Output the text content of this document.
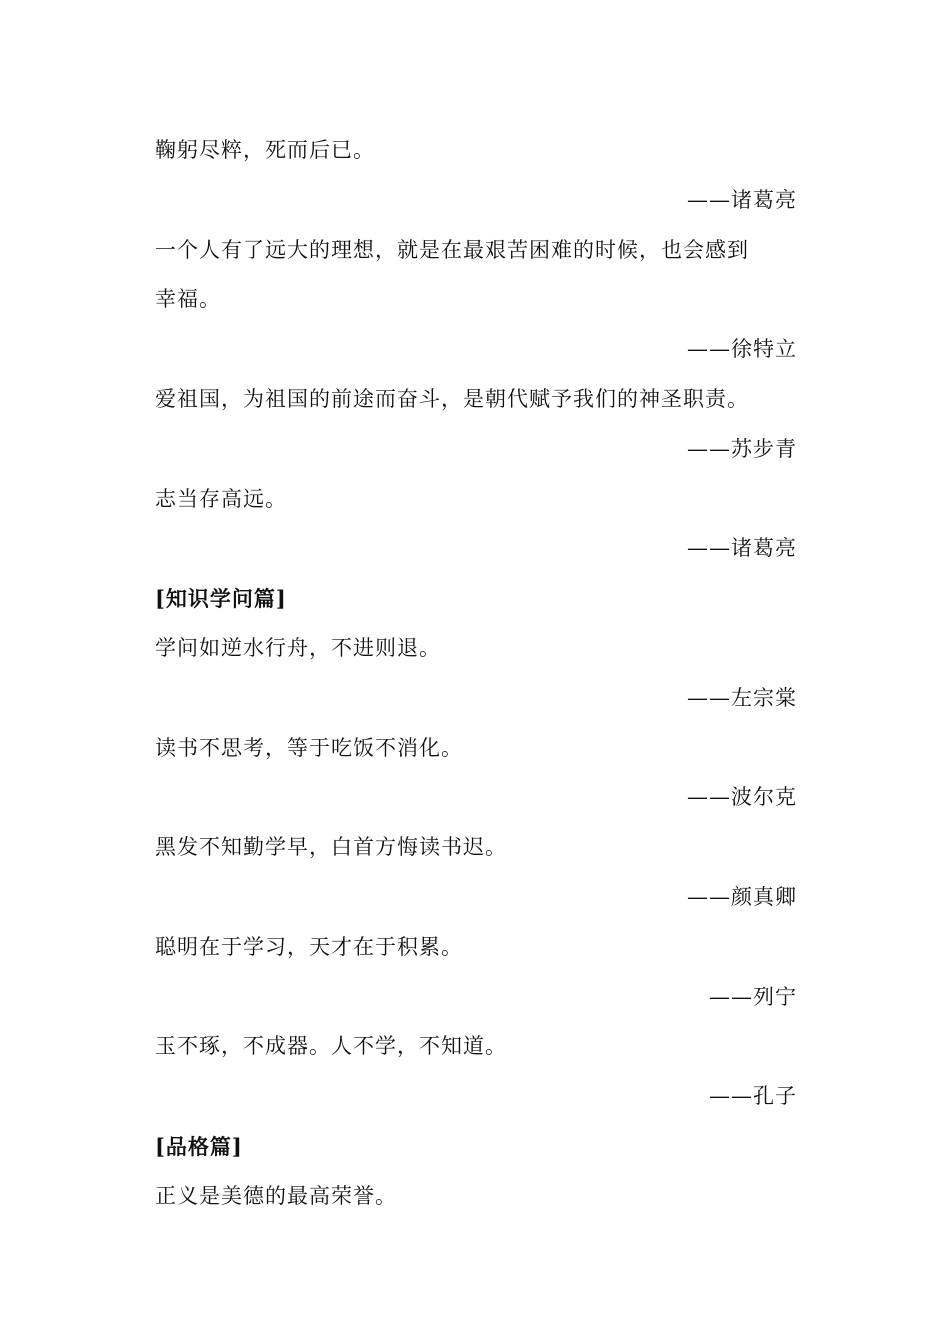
鞠躬尽粹，死而后已。
——诸葛亮
一个人有了远大的理想，就是在最艰苦困难的时候，也会感到
幸福。
——徐特立
爱祖国，为祖国的前途而奋斗，是朝代赋予我们的神圣职责。
——苏步青
志当存高远。
——诸葛亮
[知识学问篇]
学问如逆水行舟，不进则退。
——左宗棠
读书不思考，等于吃饭不消化。
——波尔克
黑发不知勤学早，白首方悔读书迟。
——颜真卿
聪明在于学习，天才在于积累。
——列宁
玉不琢，不成器。人不学，不知道。
——孔子
[品格篇]
正义是美德的最高荣誉。
